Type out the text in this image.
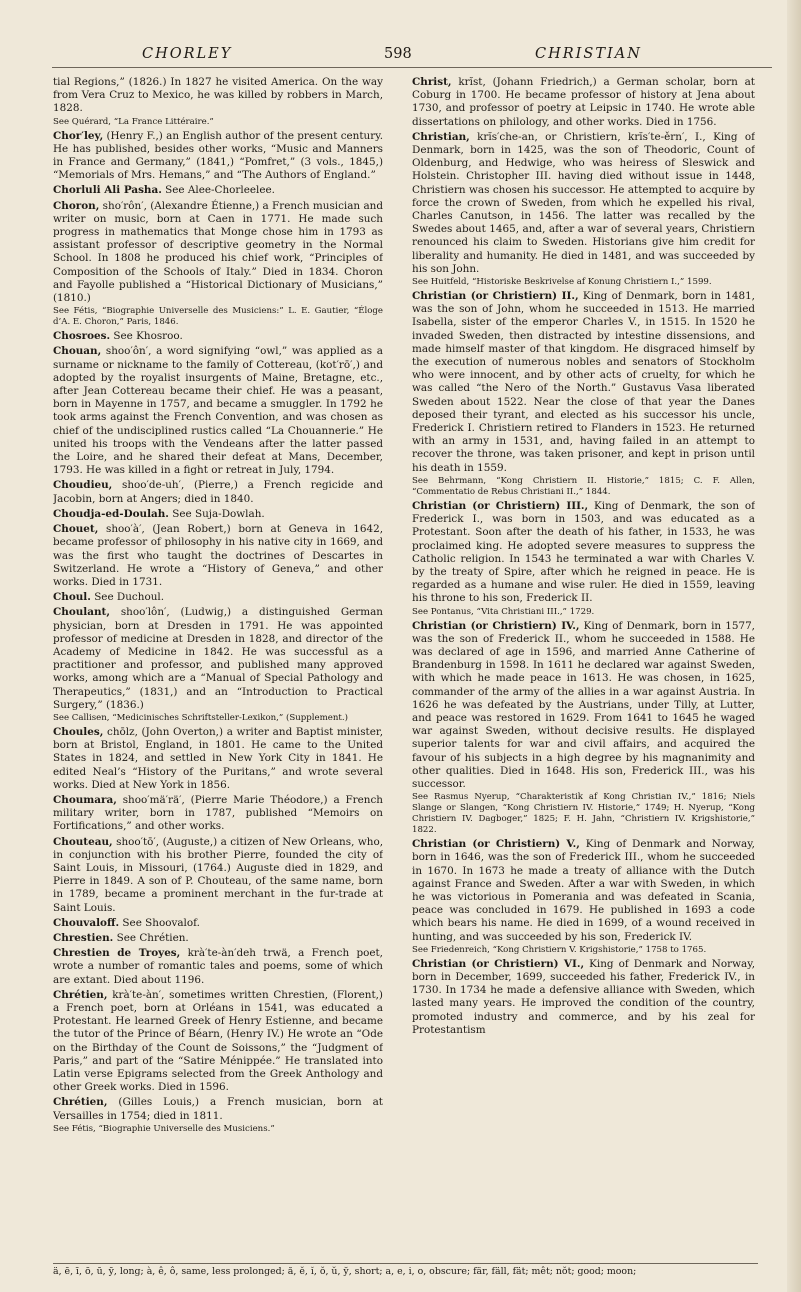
CHORLEY	598	CHRISTIAN
tial Regions,” (1826.) In 1827 he visited America. On the way from Vera Cruz to Mexico, he was killed by robbers in March, 1828.
See Quérard, “La France Littéraire.”
Chor′ley, (Henry F.,) an English author of the present century. He has published, besides other works, “Music and Manners in France and Germany,” (1841,) “Pomfret,” (3 vols., 1845,) “Memorials of Mrs. Hemans,” and “The Authors of England.”
Chorluli Ali Pasha. See Alee-Chorleelee.
Choron, sho′rôn′, (Alexandre Étienne,) a French musician and writer on music, born at Caen in 1771. He made such progress in mathematics that Monge chose him in 1793 as assistant professor of descriptive geometry in the Normal School. In 1808 he produced his chief work, “Principles of Composition of the Schools of Italy.” Died in 1834. Choron and Fayolle published a “Historical Dictionary of Musicians,” (1810.)
See Fétis, “Biographie Universelle des Musiciens:” L. E. Gautier, “Éloge d’A. E. Choron,” Paris, 1846.
Chosroes. See Khosroo.
Chouan, shoo′ôn′, a word signifying “owl,” was applied as a surname or nickname to the family of Cottereau, (kot′rō′,) and adopted by the royalist insurgents of Maine, Bretagne, etc., after Jean Cottereau became their chief. He was a peasant, born in Mayenne in 1757, and became a smuggler. In 1792 he took arms against the French Convention, and was chosen as chief of the undisciplined rustics called “La Chouannerie.” He united his troops with the Vendeans after the latter passed the Loire, and he shared their defeat at Mans, December, 1793. He was killed in a fight or retreat in July, 1794.
Choudieu, shoo′de-uh′, (Pierre,) a French regicide and Jacobin, born at Angers; died in 1840.
Choudja-ed-Doulah. See Suja-Dowlah.
Chouet, shoo′à′, (Jean Robert,) born at Geneva in 1642, became professor of philosophy in his native city in 1669, and was the first who taught the doctrines of Descartes in Switzerland. He wrote a “History of Geneva,” and other works. Died in 1731.
Choul. See Duchoul.
Choulant, shoo′lôn′, (Ludwig,) a distinguished German physician, born at Dresden in 1791. He was appointed professor of medicine at Dresden in 1828, and director of the Academy of Medicine in 1842. He was successful as a practitioner and professor, and published many approved works, among which are a “Manual of Special Pathology and Therapeutics,” (1831,) and an “Introduction to Practical Surgery,” (1836.)
See Callisen, “Medicinisches Schriftsteller-Lexikon,” (Supplement.)
Choules, chōlz, (John Overton,) a writer and Baptist minister, born at Bristol, England, in 1801. He came to the United States in 1824, and settled in New York City in 1841. He edited Neal’s “History of the Puritans,” and wrote several works. Died at New York in 1856.
Choumara, shoo′mä′rä′, (Pierre Marie Théodore,) a French military writer, born in 1787, published “Memoirs on Fortifications,” and other works.
Chouteau, shoo′tō′, (Auguste,) a citizen of New Orleans, who, in conjunction with his brother Pierre, founded the city of Saint Louis, in Missouri, (1764.) Auguste died in 1829, and Pierre in 1849. A son of P. Chouteau, of the same name, born in 1789, became a prominent merchant in the fur-trade at Saint Louis.
Chouvaloff. See Shoovalof.
Chrestien. See Chrétien.
Chrestien de Troyes, krà′te-àn′deh trwä, a French poet, wrote a number of romantic tales and poems, some of which are extant. Died about 1196.
Chrétien, krà′te-àn′, sometimes written Chrestien, (Florent,) a French poet, born at Orléans in 1541, was educated a Protestant. He learned Greek of Henry Estienne, and became the tutor of the Prince of Béarn, (Henry IV.) He wrote an “Ode on the Birthday of the Count de Soissons,” the “Judgment of Paris,” and part of the “Satire Ménippée.” He translated into Latin verse Epigrams selected from the Greek Anthology and other Greek works. Died in 1596.
Chrétien, (Gilles Louis,) a French musician, born at Versailles in 1754; died in 1811.
See Fétis, “Biographie Universelle des Musiciens.”
Christ, krĭst, (Johann Friedrich,) a German scholar, born at Coburg in 1700. He became professor of history at Jena about 1730, and professor of poetry at Leipsic in 1740. He wrote able dissertations on philology, and other works. Died in 1756.
Christian, krĭs′che-an, or Christiern, krĭs′te-ěrn′, I., King of Denmark, born in 1425, was the son of Theodoric, Count of Oldenburg, and Hedwige, who was heiress of Sleswick and Holstein. Christopher III. having died without issue in 1448, Christiern was chosen his successor. He attempted to acquire by force the crown of Sweden, from which he expelled his rival, Charles Canutson, in 1456. The latter was recalled by the Swedes about 1465, and, after a war of several years, Christiern renounced his claim to Sweden. Historians give him credit for liberality and humanity. He died in 1481, and was succeeded by his son John.
See Huitfeld, “Historiske Beskrivelse af Konung Christiern I.,” 1599.
Christian (or Christiern) II., King of Denmark, born in 1481, was the son of John, whom he succeeded in 1513. He married Isabella, sister of the emperor Charles V., in 1515. In 1520 he invaded Sweden, then distracted by intestine dissensions, and made himself master of that kingdom. He disgraced himself by the execution of numerous nobles and senators of Stockholm who were innocent, and by other acts of cruelty, for which he was called “the Nero of the North.” Gustavus Vasa liberated Sweden about 1522. Near the close of that year the Danes deposed their tyrant, and elected as his successor his uncle, Frederick I. Christiern retired to Flanders in 1523. He returned with an army in 1531, and, having failed in an attempt to recover the throne, was taken prisoner, and kept in prison until his death in 1559.
See Behrmann, “Kong Christiern II. Historie,” 1815; C. F. Allen, “Commentatio de Rebus Christiani II.,” 1844.
Christian (or Christiern) III., King of Denmark, the son of Frederick I., was born in 1503, and was educated as a Protestant. Soon after the death of his father, in 1533, he was proclaimed king. He adopted severe measures to suppress the Catholic religion. In 1543 he terminated a war with Charles V. by the treaty of Spire, after which he reigned in peace. He is regarded as a humane and wise ruler. He died in 1559, leaving his throne to his son, Frederick II.
See Pontanus, “Vita Christiani III.,” 1729.
Christian (or Christiern) IV., King of Denmark, born in 1577, was the son of Frederick II., whom he succeeded in 1588. He was declared of age in 1596, and married Anne Catherine of Brandenburg in 1598. In 1611 he declared war against Sweden, with which he made peace in 1613. He was chosen, in 1625, commander of the army of the allies in a war against Austria. In 1626 he was defeated by the Austrians, under Tilly, at Lutter, and peace was restored in 1629. From 1641 to 1645 he waged war against Sweden, without decisive results. He displayed superior talents for war and civil affairs, and acquired the favour of his subjects in a high degree by his magnanimity and other qualities. Died in 1648. His son, Frederick III., was his successor.
See Rasmus Nyerup, “Charakteristik af Kong Christian IV.,” 1816; Niels Slange or Slangen, “Kong Christiern IV. Historie,” 1749; H. Nyerup, “Kong Christiern IV. Dagboger,” 1825; F. H. Jahn, “Christiern IV. Krigshistorie,” 1822.
Christian (or Christiern) V., King of Denmark and Norway, born in 1646, was the son of Frederick III., whom he succeeded in 1670. In 1673 he made a treaty of alliance with the Dutch against France and Sweden. After a war with Sweden, in which he was victorious in Pomerania and was defeated in Scania, peace was concluded in 1679. He published in 1693 a code which bears his name. He died in 1699, of a wound received in hunting, and was succeeded by his son, Frederick IV.
See Friedenreich, “Kong Christiern V. Krigshistorie,” 1758 to 1765.
Christian (or Christiern) VI., King of Denmark and Norway, born in December, 1699, succeeded his father, Frederick IV., in 1730. In 1734 he made a defensive alliance with Sweden, which lasted many years. He improved the condition of the country, promoted industry and commerce, and by his zeal for Protestantism
ä, ē, ī, ō, ū, ȳ, long; à, ê, ô, same, less prolonged; ă, ĕ, ĭ, ŏ, ŭ, y̆, short; a, e, i, o, obscure; fär, fäll, fät; mêt; nŏt; good; moon;
